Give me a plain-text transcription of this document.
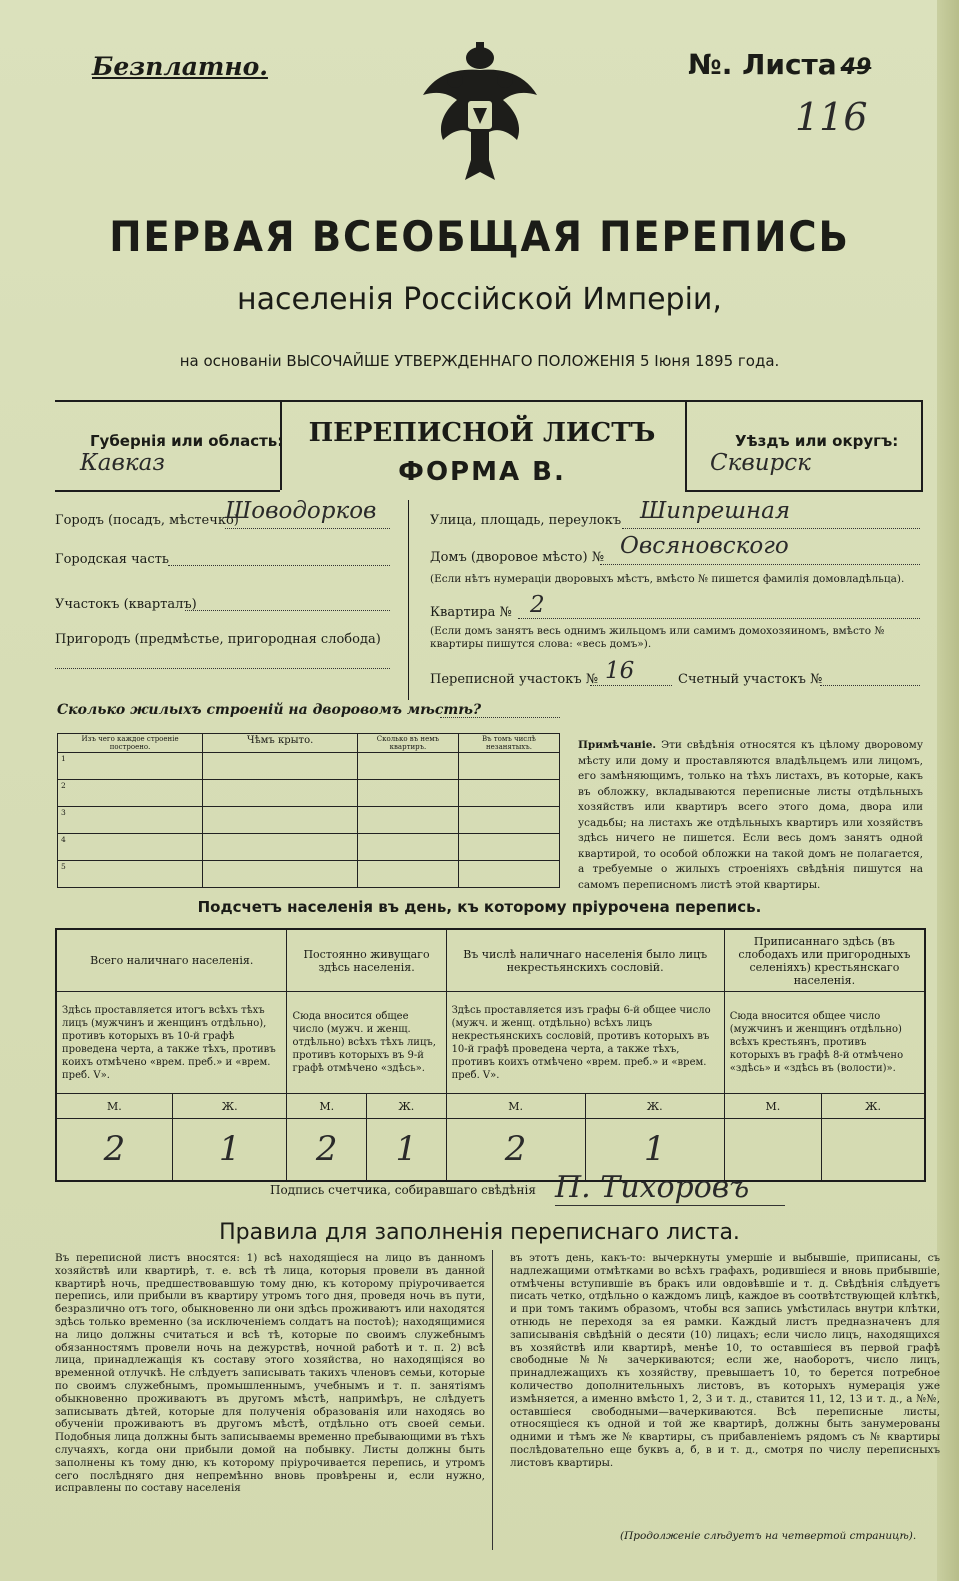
Безплатно.	№. Листа 49
116
ПЕРВАЯ ВСЕОБЩАЯ ПЕРЕПИСЬ
населенія Россійской Имперіи,
на основаніи ВЫСОЧАЙШЕ УТВЕРЖДЕННАГО ПОЛОЖЕНІЯ 5 Іюня 1895 года.
Губернія или область:
Кавказ
ПЕРЕПИСНОЙ ЛИСТЪ
ФОРМА В.
Уѣздъ или округъ:
Сквирск
Городъ (посадъ, мѣстечко)
Шоводорков
Городская часть
Участокъ (кварталъ)
Пригородъ (предмѣстье, пригородная слобода)
Улица, площадь, переулокъ Шипрешная
Домъ (дворовое мѣсто) № Овсяновского
(Если нѣтъ нумераціи дворовыхъ мѣстъ, вмѣсто № пишется фамилія домовладѣльца).
Квартира № 2
(Если домъ занятъ весь однимъ жильцомъ или самимъ домохозяиномъ, вмѣсто № квартиры пишутся слова: «весь домъ»).
Переписной участокъ № 16	Счетный участокъ №
Сколько жилыхъ строеній на дворовомъ мѣстѣ?
Изъ чего каждое строеніе построено.	Чѣмъ крыто.	Сколько въ немъ квартиръ.	Въ томъ числѣ незанятыхъ.
1			
2			
3			
4			
5			
Примѣчаніе. Эти свѣдѣнія относятся къ цѣлому дворовому мѣсту или дому и проставляются владѣльцемъ или лицомъ, его замѣняющимъ, только на тѣхъ листахъ, въ которые, какъ въ обложку, вкладываются переписные листы отдѣльныхъ хозяйствъ или квартиръ всего этого дома, двора или усадьбы; на листахъ же отдѣльныхъ квартиръ или хозяйствъ здѣсь ничего не пишется. Если весь домъ занятъ одной квартирой, то особой обложки на такой домъ не полагается, а требуемые о жилыхъ строеніяхъ свѣдѣнія пишутся на самомъ переписномъ листѣ этой квартиры.
Подсчетъ населенія въ день, къ которому пріурочена перепись.
Всего наличнаго населенія.		Постоянно живущаго здѣсь населенія.		Въ числѣ наличнаго населенія было лицъ некрестьянскихъ сословій.		Приписаннаго здѣсь (въ слободахъ или пригородныхъ селеніяхъ) крестьянскаго населенія.	
Здѣсь проставляется итогъ всѣхъ тѣхъ лицъ (мужчинъ и женщинъ отдѣльно), противъ которыхъ въ 10-й графѣ проведена черта, а также тѣхъ, противъ коихъ отмѣчено «врем. преб.» и «врем. преб. V».		Сюда вносится общее число (мужч. и женщ. отдѣльно) всѣхъ тѣхъ лицъ, противъ которыхъ въ 9-й графѣ отмѣчено «здѣсь».		Здѣсь проставляется изъ графы 6-й общее число (мужч. и женщ. отдѣльно) всѣхъ лицъ некрестьянскихъ сословій, противъ которыхъ въ 10-й графѣ проведена черта, а также тѣхъ, противъ коихъ отмѣчено «врем. преб.» и «врем. преб. V».		Сюда вносится общее число (мужчинъ и женщинъ отдѣльно) всѣхъ крестьянъ, противъ которыхъ въ графѣ 8-й отмѣчено «здѣсь» и «здѣсь въ (волости)».	
М.	Ж.	М.	Ж.	М.	Ж.	М.	Ж.
2	1	2	1	2	1		
Подпись счетчика, собиравшаго свѣдѣнія П. Тихоровъ
Правила для заполненія переписнаго листа.
Въ переписной листъ вносятся: 1) всѣ находящіеся на лицо въ данномъ хозяйствѣ или квартирѣ, т. е. всѣ тѣ лица, которыя провели въ данной квартирѣ ночь, предшествовавшую тому дню, къ которому пріурочивается перепись, или прибыли въ квартиру утромъ того дня, проведя ночь въ пути, безразлично отъ того, обыкновенно ли они здѣсь проживаютъ или находятся здѣсь только временно (за исключеніемъ солдатъ на постоѣ); находящимися на лицо должны считаться и всѣ тѣ, которые по своимъ служебнымъ обязанностямъ провели ночь на дежурствѣ, ночной работѣ и т. п. 2) всѣ лица, принадлежащія къ составу этого хозяйства, но находящіяся во временной отлучкѣ. Не слѣдуетъ записывать такихъ членовъ семьи, которые по своимъ служебнымъ, промышленнымъ, учебнымъ и т. п. занятіямъ обыкновенно проживаютъ въ другомъ мѣстѣ, напримѣръ, не слѣдуетъ записывать дѣтей, которые для полученія образованія или находясь во обученіи проживаютъ въ другомъ мѣстѣ, отдѣльно отъ своей семьи. Подобныя лица должны быть записываемы временно пребывающими въ тѣхъ случаяхъ, когда они прибыли домой на побывку. Листы должны быть заполнены къ тому дню, къ которому пріурочивается перепись, и утромъ сего послѣдняго дня непремѣнно вновь провѣрены и, если нужно, исправлены по составу населенія
въ этотъ день, какъ-то: вычеркнуты умершіе и выбывшіе, приписаны, съ надлежащими отмѣтками во всѣхъ графахъ, родившіеся и вновь прибывшіе, отмѣчены вступившіе въ бракъ или овдовѣвшіе и т. д. Свѣдѣнія слѣдуетъ писать четко, отдѣльно о каждомъ лицѣ, каждое въ соотвѣтствующей клѣткѣ, и при томъ такимъ образомъ, чтобы вся запись умѣстилась внутри клѣтки, отнюдь не переходя за ея рамки. Каждый листъ предназначенъ для записыванія свѣдѣній о десяти (10) лицахъ; если число лицъ, находящихся въ хозяйствѣ или квартирѣ, менѣе 10, то оставшіеся въ первой графѣ свободные №№ зачеркиваются; если же, наоборотъ, число лицъ, принадлежащихъ къ хозяйству, превышаетъ 10, то берется потребное количество дополнительныхъ листовъ, въ которыхъ нумерація уже измѣняется, а именно вмѣсто 1, 2, 3 и т. д., ставится 11, 12, 13 и т. д., а №№, оставшіеся свободными—вачеркиваются. Всѣ переписные листы, относящіеся къ одной и той же квартирѣ, должны быть занумерованы одними и тѣмъ же № квартиры, съ прибавленіемъ рядомъ съ № квартиры послѣдовательно еще буквъ а, б, в и т. д., смотря по числу переписныхъ листовъ квартиры.
(Продолженіе слѣдуетъ на четвертой страницѣ).
